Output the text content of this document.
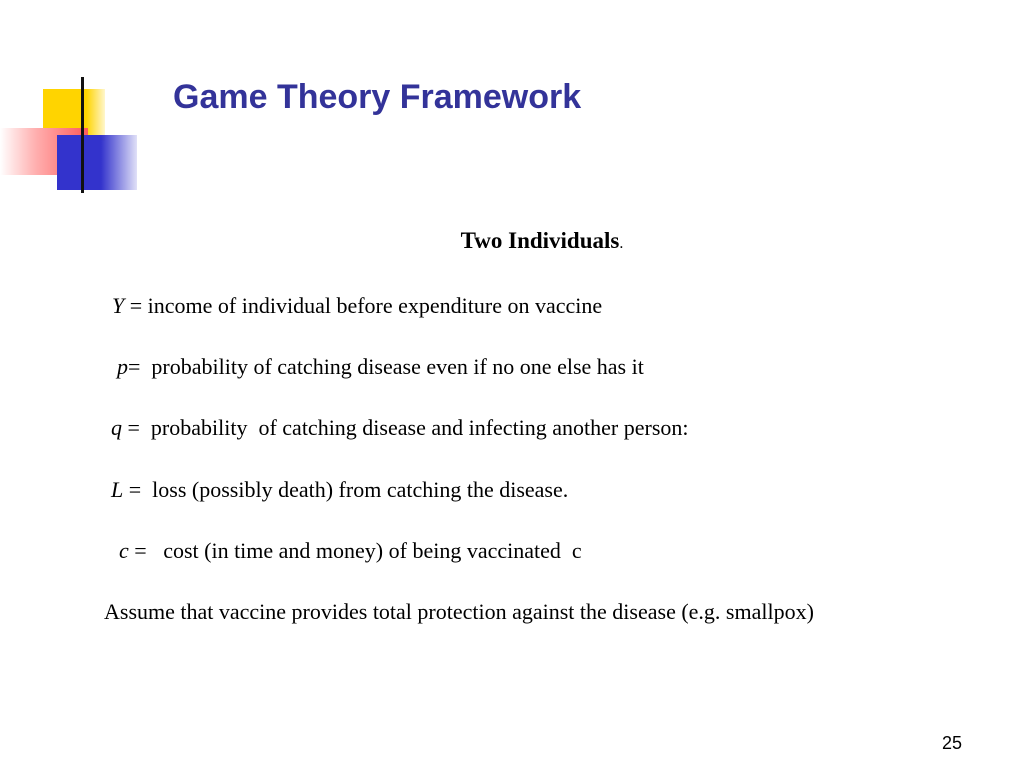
Game Theory Framework
Two Individuals.
Y = income of individual before expenditure on vaccine
p=  probability of catching disease even if no one else has it
q =  probability  of catching disease and infecting another person:
L =  loss (possibly death) from catching the disease.
c =   cost (in time and money) of being vaccinated  c
Assume that vaccine provides total protection against the disease (e.g. smallpox)
25
